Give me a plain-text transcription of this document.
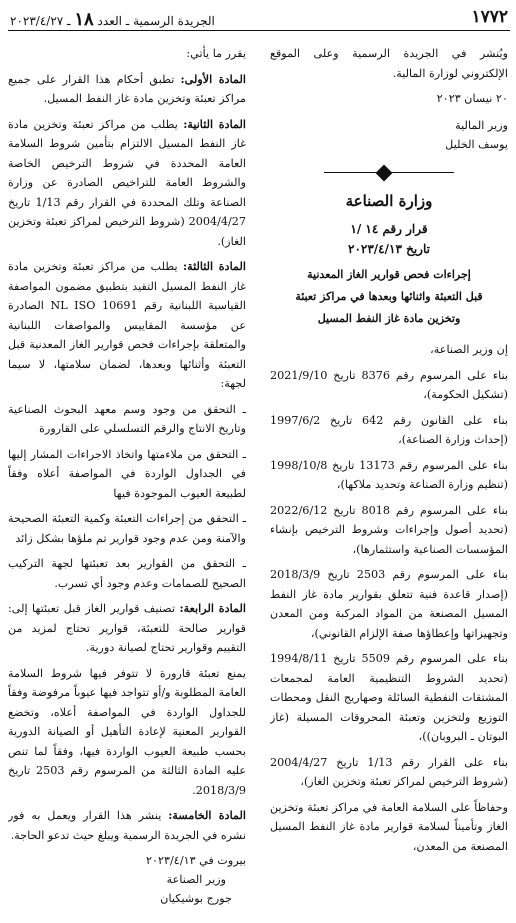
١٧٧٢
الجريدة الرسمية ـ العدد ١٨ ـ ٢٠٢٣/٤/٢٧

ويُنشر في الجريدة الرسمية وعلى الموقع الإلكتروني لوزارة المالية.

٢٠ نيسان ٢٠٢٣

وزير المالية

يوسف الخليل

وزارة الصناعة
قرار رقم ١٤ /١
تاريخ ٢٠٢٣/٤/١٣
إجراءات فحص قوارير الغاز المعدنية
قبل التعبئة واثنائها وبعدها في مراكز تعبئة
وتخزين مادة غاز النفط المسيل

إن وزير الصناعة،

بناء على المرسوم رقم 8376 تاريخ 2021/9/10 (تشكيل الحكومة)،

بناء على القانون رقم 642 تاريخ 1997/6/2 (إحداث وزارة الصناعة)،

بناء على المرسوم رقم 13173 تاريخ 1998/10/8 (تنظيم وزارة الصناعة وتحديد ملاكها)،

بناء على المرسوم رقم 8018 تاريخ 2022/6/12 (تحديد أصول وإجراءات وشروط الترخيص بإنشاء المؤسسات الصناعية واستثمارها)،

بناء على المرسوم رقم 2503 تاريخ 2018/3/9 (إصدار قاعدة فنية تتعلق بقوارير مادة غاز النفط المسيل المصنعة من المواد المركبة ومن المعدن وتجهيزاتها وإعطاؤها صفة الإلزام القانوني)،

بناء على المرسوم رقم 5509 تاريخ 1994/8/11 (تحديد الشروط التنظيمية العامة لمجمعات المشتقات النفطية السائلة وصهاريج النقل ومحطات التوزيع ولتخزين وتعبئة المحروقات المسيلة (غاز البوتان ـ البروبان))،

بناء على القرار رقم 1/13 تاريخ 2004/4/27 (شروط الترخيص لمراكز تعبئة وتخزين الغاز)،

وحفاظاً على السلامة العامة في مراكز تعبئة وتخزين الغاز وتأميناً لسلامة قوارير مادة غاز النفط المسيل المصنعة من المعدن،

يقرر ما يأتي:

المادة الأولى: تطبق أحكام هذا القرار على جميع مراكز تعبئة وتخزين مادة غاز النفط المسيل.

المادة الثانية: يطلب من مراكز تعبئة وتخزين مادة غاز النفط المسيل الالتزام بتأمين شروط السلامة العامة المحددة في شروط الترخيص الخاصة والشروط العامة للتراخيص الصادرة عن وزارة الصناعة وتلك المحددة في القرار رقم 1/13 تاريخ 2004/4/27 (شروط الترخيص لمراكز تعبئة وتخزين الغاز).

المادة الثالثة: يطلب من مراكز تعبئة وتخزين مادة غاز النفط المسيل التقيد بتطبيق مضمون المواصفة القياسية اللبنانية رقم NL ISO 10691 الصادرة عن مؤسسة المقاييس والمواصفات اللبنانية والمتعلقة بإجراءات فحص قوارير الغاز المعدنية قبل التعبئة وأثنائها وبعدها، لضمان سلامتها، لا سيما لجهة:

ـ التحقق من وجود وسم معهد البحوث الصناعية وتاريخ الانتاج والرقم التسلسلي على القارورة

ـ التحقق من ملاءمتها واتخاذ الاجراءات المشار إليها في الجداول الواردة في المواصفة أعلاه وفقاً لطبيعة العيوب الموجودة فيها

ـ التحقق من إجراءات التعبئة وكمية التعبئة الصحيحة والآمنة ومن عدم وجود قوارير تم ملؤها بشكل زائد

ـ التحقق من القوارير بعد تعبئتها لجهة التركيب الصحيح للصمامات وعدم وجود أي تسرب.

المادة الرابعة: تصنيف قوارير الغاز قبل تعبئتها إلى: قوارير صالحة للتعبئة، قوارير تحتاج لمزيد من التقييم وقوارير تحتاج لصيانة دورية.

يمنع تعبئة قارورة لا تتوفر فيها شروط السلامة العامة المطلوبة و/أو تتواجد فيها عيوباً مرفوضة وفقاً للجداول الواردة في المواصفة أعلاه، وتخضع القوارير المعنية لإعادة التأهيل أو الصيانة الدورية بحسب طبيعة العيوب الواردة فيها، وفقاً لما تنص عليه المادة الثالثة من المرسوم رقم 2503 تاريخ 2018/3/9.

المادة الخامسة: ينشر هذا القرار ويعمل به فور نشره في الجريدة الرسمية ويبلغ حيث تدعو الحاجة.

بيروت في ٢٠٢٣/٤/١٣

وزير الصناعة

جورج بوشيكيان
